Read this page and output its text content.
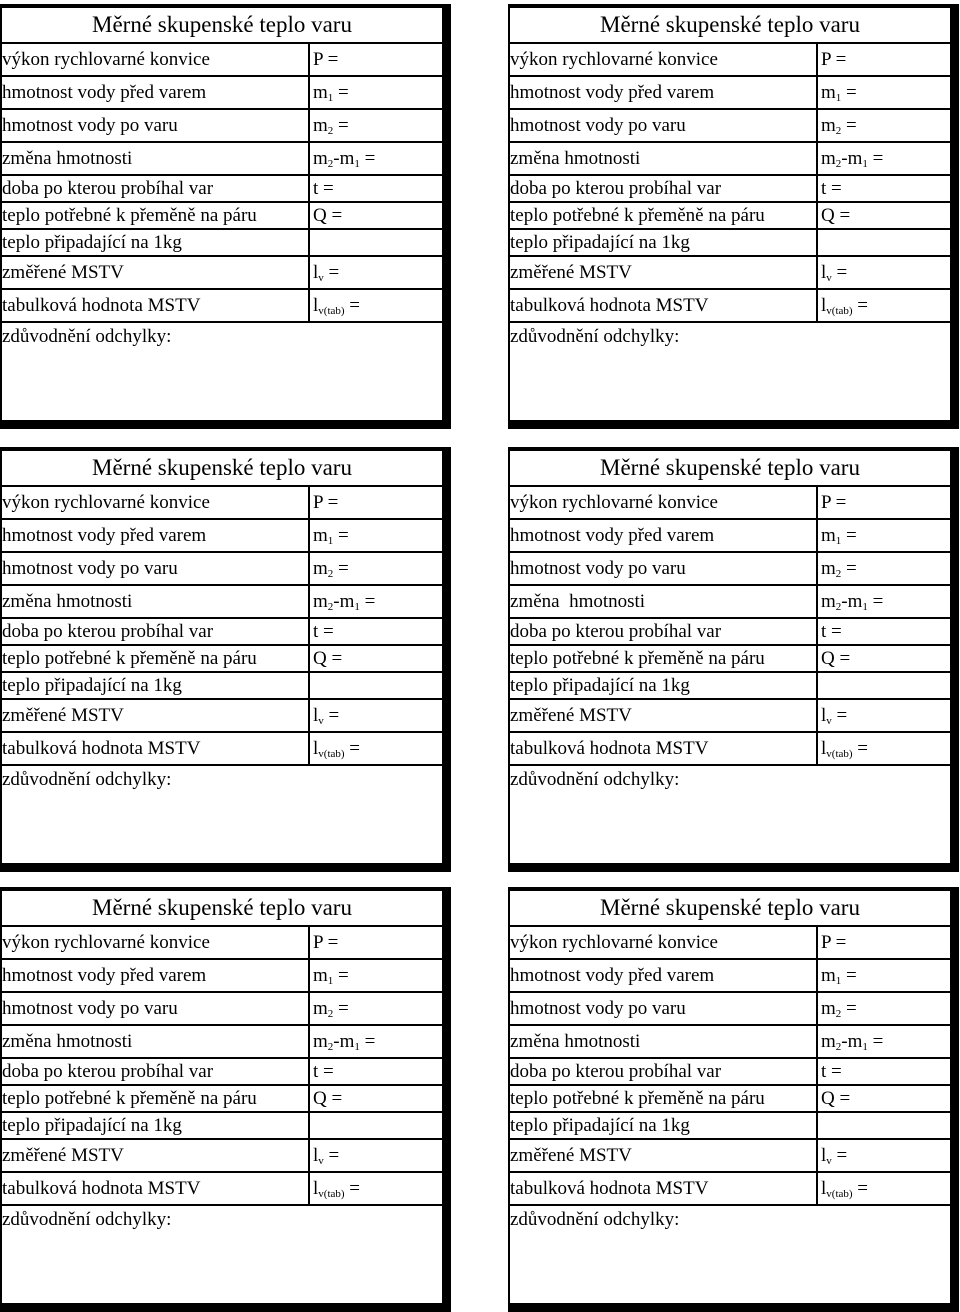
Měrné skupenské teplo varu
výkon rychlovarné konvice	P =
hmotnost vody před varem	$m_1$ =
hmotnost vody po varu	$m_2$ =
změna hmotnosti	$m_2-m_1$ =
doba po kterou probíhal var	t =
teplo potřebné k přeměně na páru	Q =
teplo připadající na 1kg
změřené MSTV	$l_v$ =
tabulková hodnota MSTV	$l_{v(tab)}$ =
zdůvodnění odchylky:
Měrné skupenské teplo varu
výkon rychlovarné konvice	P =
hmotnost vody před varem	$m_1$ =
hmotnost vody po varu	$m_2$ =
změna hmotnosti	$m_2-m_1$ =
doba po kterou probíhal var	t =
teplo potřebné k přeměně na páru	Q =
teplo připadající na 1kg
změřené MSTV	$l_v$ =
tabulková hodnota MSTV	$l_{v(tab)}$ =
zdůvodnění odchylky:
Měrné skupenské teplo varu
výkon rychlovarné konvice	P =
hmotnost vody před varem	$m_1$ =
hmotnost vody po varu	$m_2$ =
změna hmotnosti	$m_2-m_1$ =
doba po kterou probíhal var	t =
teplo potřebné k přeměně na páru	Q =
teplo připadající na 1kg
změřené MSTV	$l_v$ =
tabulková hodnota MSTV	$l_{v(tab)}$ =
zdůvodnění odchylky:
Měrné skupenské teplo varu
výkon rychlovarné konvice	P =
hmotnost vody před varem	$m_1$ =
hmotnost vody po varu	$m_2$ =
změna  hmotnosti	$m_2-m_1$ =
doba po kterou probíhal var	t =
teplo potřebné k přeměně na páru	Q =
teplo připadající na 1kg
změřené MSTV	$l_v$ =
tabulková hodnota MSTV	$l_{v(tab)}$ =
zdůvodnění odchylky:
Měrné skupenské teplo varu
výkon rychlovarné konvice	P =
hmotnost vody před varem	$m_1$ =
hmotnost vody po varu	$m_2$ =
změna hmotnosti	$m_2-m_1$ =
doba po kterou probíhal var	t =
teplo potřebné k přeměně na páru	Q =
teplo připadající na 1kg
změřené MSTV	$l_v$ =
tabulková hodnota MSTV	$l_{v(tab)}$ =
zdůvodnění odchylky:
Měrné skupenské teplo varu
výkon rychlovarné konvice	P =
hmotnost vody před varem	$m_1$ =
hmotnost vody po varu	$m_2$ =
změna hmotnosti	$m_2-m_1$ =
doba po kterou probíhal var	t =
teplo potřebné k přeměně na páru	Q =
teplo připadající na 1kg
změřené MSTV	$l_v$ =
tabulková hodnota MSTV	$l_{v(tab)}$ =
zdůvodnění odchylky:
